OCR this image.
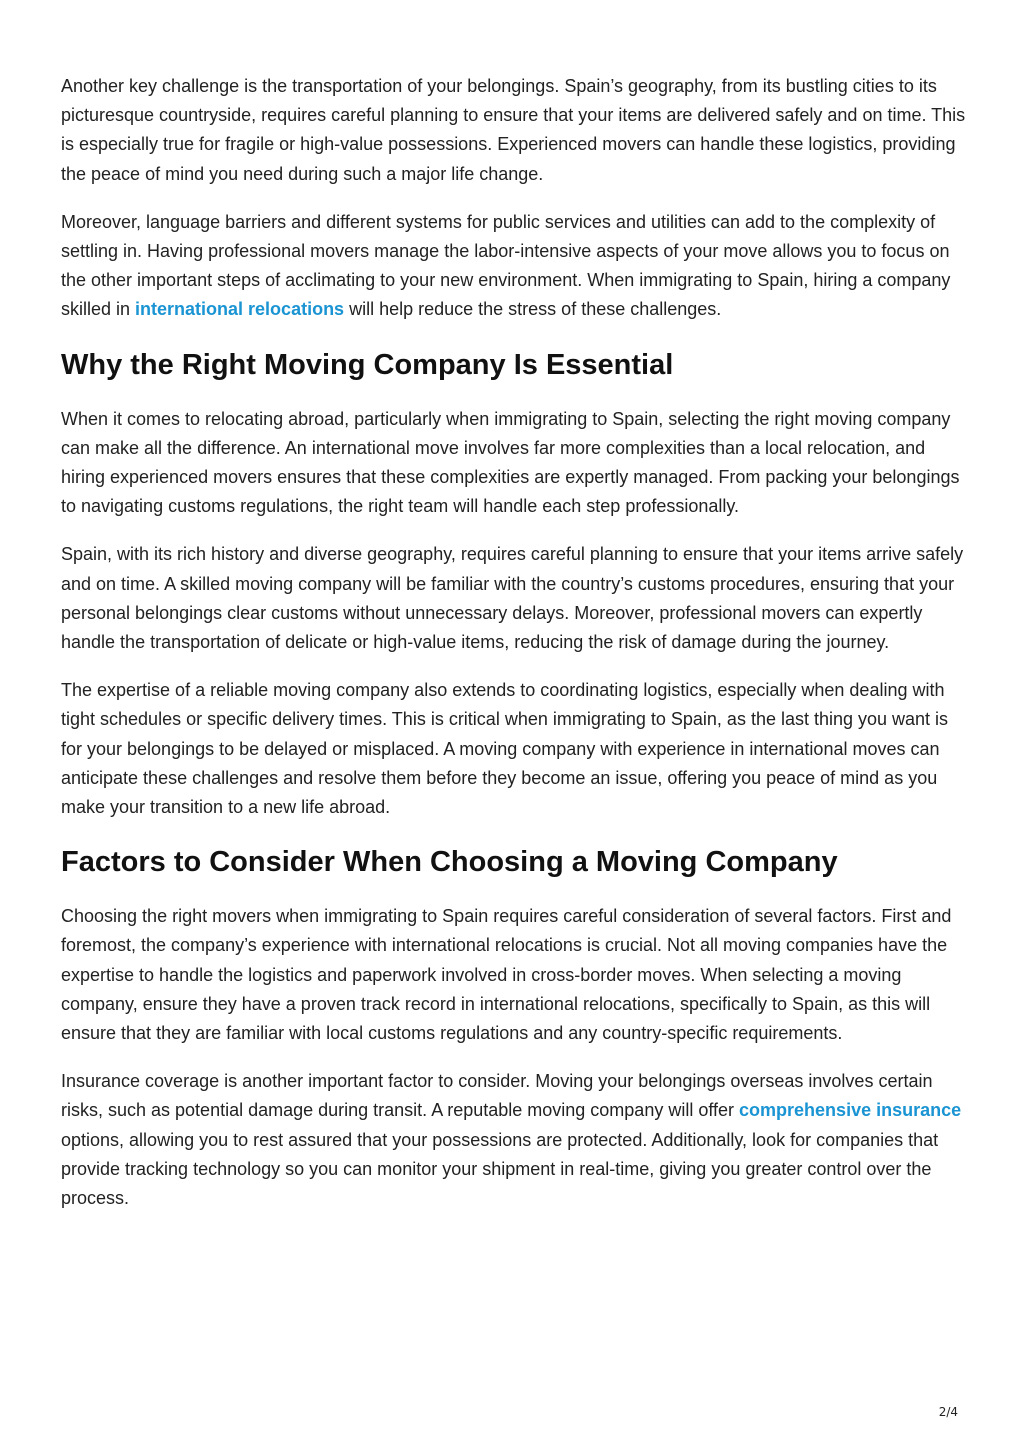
Another key challenge is the transportation of your belongings. Spain’s geography, from its bustling cities to its picturesque countryside, requires careful planning to ensure that your items are delivered safely and on time. This is especially true for fragile or high-value possessions. Experienced movers can handle these logistics, providing the peace of mind you need during such a major life change.

Moreover, language barriers and different systems for public services and utilities can add to the complexity of settling in. Having professional movers manage the labor-intensive aspects of your move allows you to focus on the other important steps of acclimating to your new environment. When immigrating to Spain, hiring a company skilled in international relocations will help reduce the stress of these challenges.

Why the Right Moving Company Is Essential

When it comes to relocating abroad, particularly when immigrating to Spain, selecting the right moving company can make all the difference. An international move involves far more complexities than a local relocation, and hiring experienced movers ensures that these complexities are expertly managed. From packing your belongings to navigating customs regulations, the right team will handle each step professionally.

Spain, with its rich history and diverse geography, requires careful planning to ensure that your items arrive safely and on time. A skilled moving company will be familiar with the country’s customs procedures, ensuring that your personal belongings clear customs without unnecessary delays. Moreover, professional movers can expertly handle the transportation of delicate or high-value items, reducing the risk of damage during the journey.

The expertise of a reliable moving company also extends to coordinating logistics, especially when dealing with tight schedules or specific delivery times. This is critical when immigrating to Spain, as the last thing you want is for your belongings to be delayed or misplaced. A moving company with experience in international moves can anticipate these challenges and resolve them before they become an issue, offering you peace of mind as you make your transition to a new life abroad.

Factors to Consider When Choosing a Moving Company

Choosing the right movers when immigrating to Spain requires careful consideration of several factors. First and foremost, the company’s experience with international relocations is crucial. Not all moving companies have the expertise to handle the logistics and paperwork involved in cross-border moves. When selecting a moving company, ensure they have a proven track record in international relocations, specifically to Spain, as this will ensure that they are familiar with local customs regulations and any country-specific requirements.

Insurance coverage is another important factor to consider. Moving your belongings overseas involves certain risks, such as potential damage during transit. A reputable moving company will offer comprehensive insurance options, allowing you to rest assured that your possessions are protected. Additionally, look for companies that provide tracking technology so you can monitor your shipment in real-time, giving you greater control over the process.

2/4
